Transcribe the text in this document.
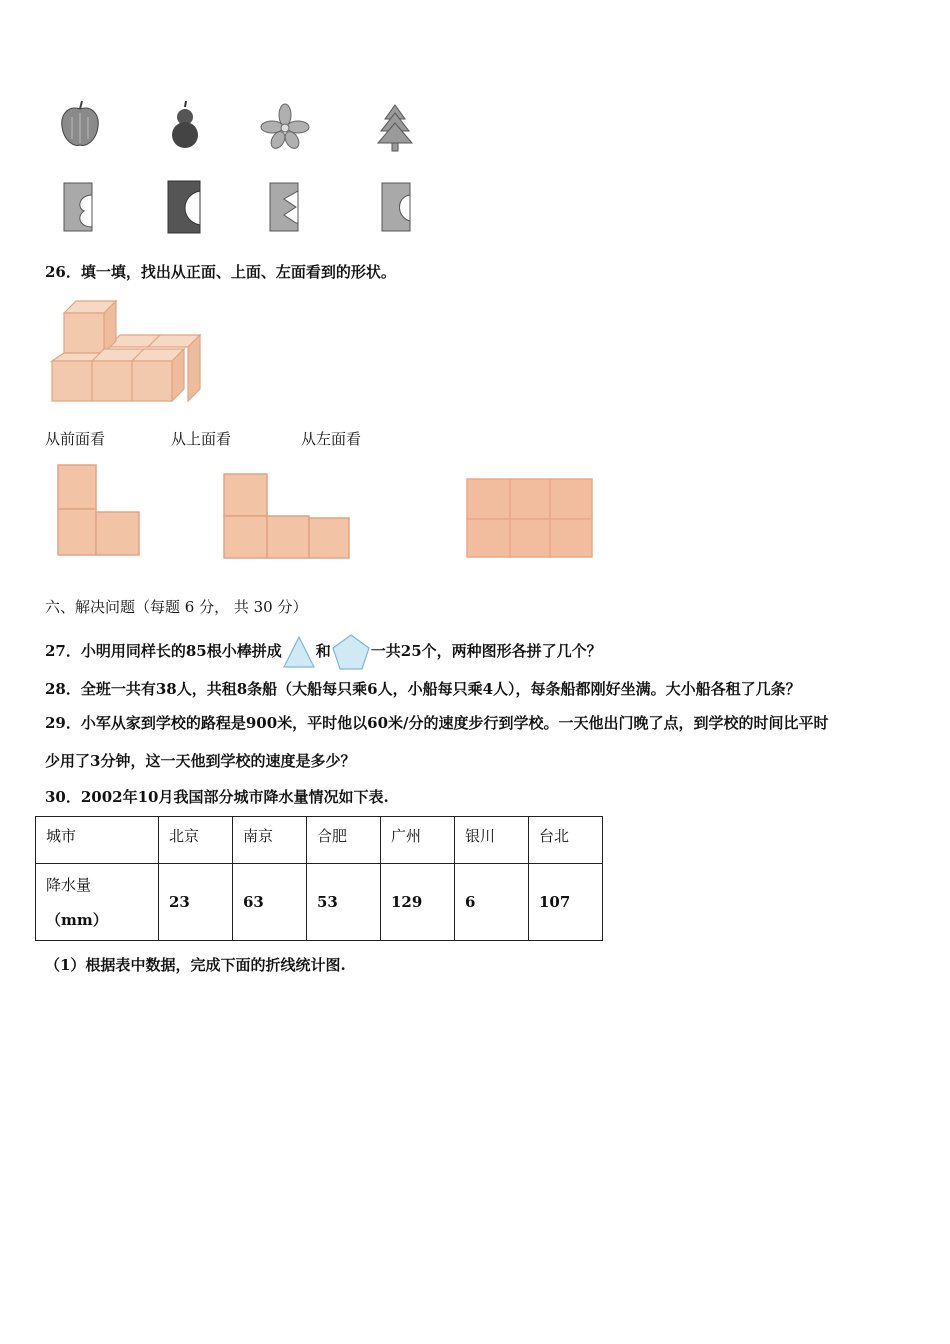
26．填一填，找出从正面、上面、左面看到的形状。
从前面看	从上面看	从左面看
六、解决问题（每题 6 分， 共 30 分）
27．小明用同样长的85根小棒拼成 和	一共25个，两种图形各拼了几个？
28．全班一共有38人，共租8条船（大船每只乘6人，小船每只乘4人），每条船都刚好坐满。大小船各租了几条？
29．小军从家到学校的路程是900米，平时他以60米/分的速度步行到学校。一天他出门晚了点，到学校的时间比平时
少用了3分钟，这一天他到学校的速度是多少？
30．2002年10月我国部分城市降水量情况如下表.
城市	北京	南京	合肥	广州	银川	台北

降水量
（mm）	23	63	53	129	6	107
（1）根据表中数据，完成下面的折线统计图.
